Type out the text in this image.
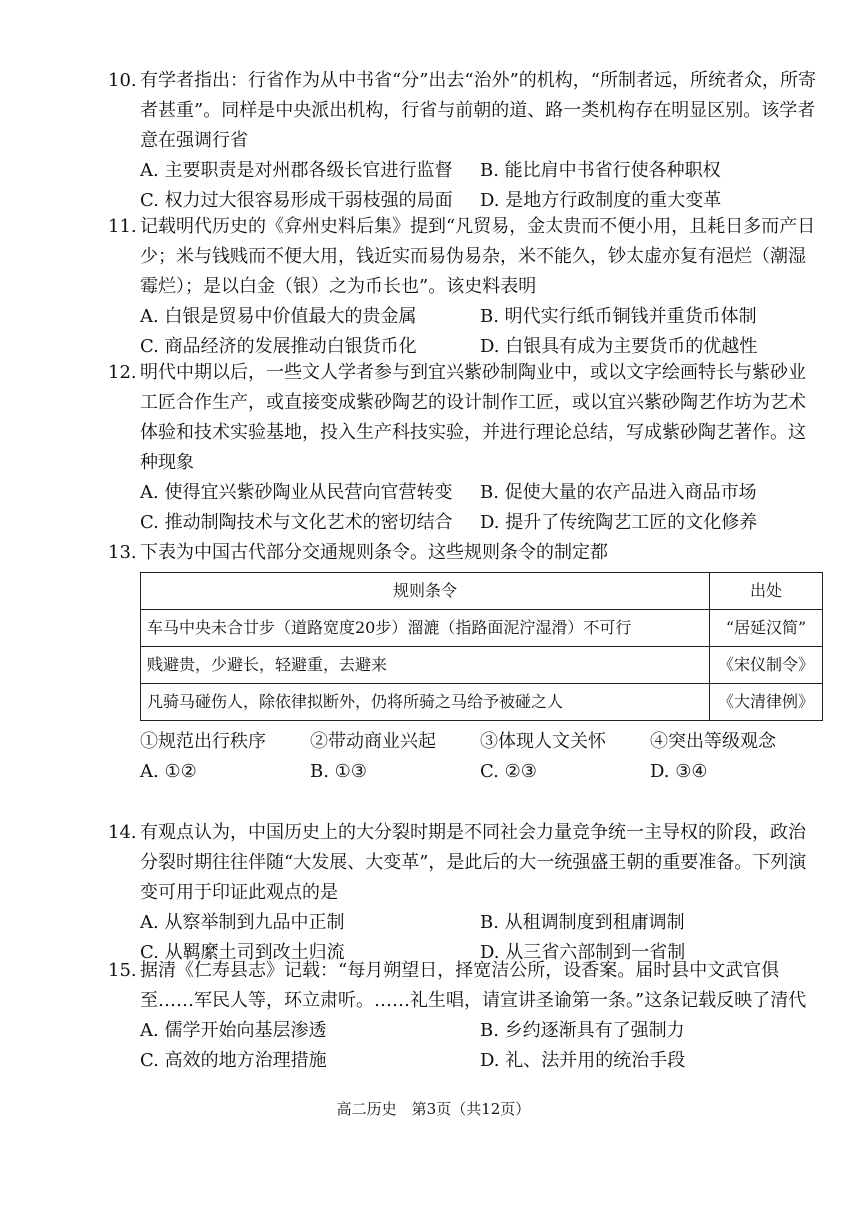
10. 有学者指出：行省作为从中书省“分”出去“治外”的机构，“所制者远，所统者众，所寄者甚重”。同样是中央派出机构，行省与前朝的道、路一类机构存在明显区别。该学者意在强调行省
A. 主要职责是对州郡各级长官进行监督	B. 能比肩中书省行使各种职权
C. 权力过大很容易形成干弱枝强的局面	D. 是地方行政制度的重大变革
11. 记载明代历史的《弇州史料后集》提到“凡贸易，金太贵而不便小用，且耗日多而产日少；米与钱贱而不便大用，钱近实而易伪易杂，米不能久，钞太虚亦复有浥烂（潮湿霉烂）；是以白金（银）之为币长也”。该史料表明
A. 白银是贸易中价值最大的贵金属	B. 明代实行纸币铜钱并重货币体制
C. 商品经济的发展推动白银货币化	D. 白银具有成为主要货币的优越性
12. 明代中期以后，一些文人学者参与到宜兴紫砂制陶业中，或以文字绘画特长与紫砂业工匠合作生产，或直接变成紫砂陶艺的设计制作工匠，或以宜兴紫砂陶艺作坊为艺术体验和技术实验基地，投入生产科技实验，并进行理论总结，写成紫砂陶艺著作。这种现象
A. 使得宜兴紫砂陶业从民营向官营转变	B. 促使大量的农产品进入商品市场
C. 推动制陶技术与文化艺术的密切结合	D. 提升了传统陶艺工匠的文化修养
13. 下表为中国古代部分交通规则条令。这些规则条令的制定都
规则条令	出处
车马中央未合廿步（道路宽度20步）溜漉（指路面泥泞湿滑）不可行	“居延汉简”
贱避贵，少避长，轻避重，去避来	《宋仪制令》
凡骑马碰伤人，除依律拟断外，仍将所骑之马给予被碰之人	《大清律例》
①规范出行秩序	②带动商业兴起	③体现人文关怀	④突出等级观念
A. ①②	B. ①③	C. ②③	D. ③④
14. 有观点认为，中国历史上的大分裂时期是不同社会力量竞争统一主导权的阶段，政治分裂时期往往伴随“大发展、大变革”，是此后的大一统强盛王朝的重要准备。下列演变可用于印证此观点的是
A. 从察举制到九品中正制	B. 从租调制度到租庸调制
C. 从羁縻土司到改土归流	D. 从三省六部制到一省制
15. 据清《仁寿县志》记载：“每月朔望日，择宽洁公所，设香案。届时县中文武官俱至……军民人等，环立肃听。……礼生唱，请宣讲圣谕第一条。”这条记载反映了清代
A. 儒学开始向基层渗透	B. 乡约逐渐具有了强制力
C. 高效的地方治理措施	D. 礼、法并用的统治手段
高二历史　第3页（共12页）
